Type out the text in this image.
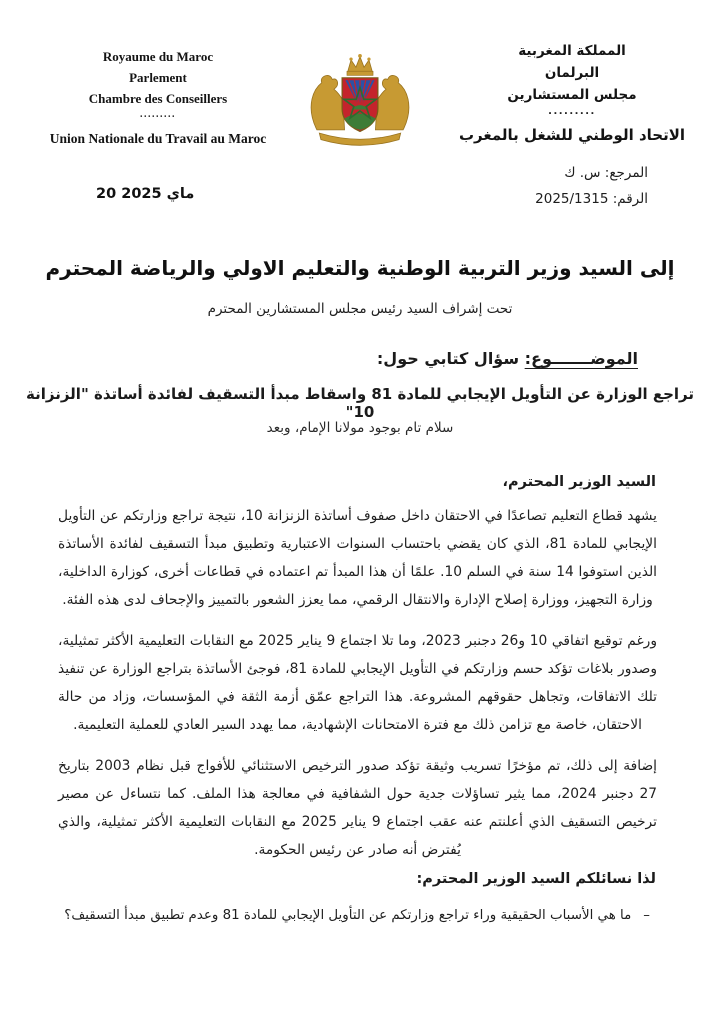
Royaume du Maroc
Parlement
Chambre des Conseillers
.........
Union Nationale du Travail au Maroc
المملكة المغربية
البرلمان
مجلس المستشارين
.........
الاتحاد الوطني للشغل بالمغرب
المرجع: س. ك
الرقم: 2025/1315
20 ماي 2025
إلى السيد وزير التربية الوطنية والتعليم الاولي والرياضة المحترم
تحت إشراف السيد رئيس مجلس المستشارين المحترم
الموضـــــــوع: سؤال كتابي حول:
تراجع الوزارة عن التأويل الإيجابي للمادة 81 واسقاط مبدأ التسقيف لفائدة أساتذة "الزنزانة 10"
سلام تام بوجود مولانا الإمام، وبعد
السيد الوزير المحترم،

يشهد قطاع التعليم تصاعدًا في الاحتقان داخل صفوف أساتذة الزنزانة 10، نتيجة تراجع وزارتكم عن التأويل الإيجابي للمادة 81، الذي كان يقضي باحتساب السنوات الاعتبارية وتطبيق مبدأ التسقيف لفائدة الأساتذة الذين استوفوا 14 سنة في السلم 10. علمًا أن هذا المبدأ تم اعتماده في قطاعات أخرى، كوزارة الداخلية، وزارة التجهيز، ووزارة إصلاح الإدارة والانتقال الرقمي، مما يعزز الشعور بالتمييز والإجحاف لدى هذه الفئة.

ورغم توقيع اتفاقي 10 و26 دجنبر 2023، وما تلا اجتماع 9 يناير 2025 مع النقابات التعليمية الأكثر تمثيلية، وصدور بلاغات تؤكد حسم وزارتكم في التأويل الإيجابي للمادة 81، فوجئ الأساتذة بتراجع الوزارة عن تنفيذ تلك الاتفاقات، وتجاهل حقوقهم المشروعة. هذا التراجع عمّق أزمة الثقة في المؤسسات، وزاد من حالة الاحتقان، خاصة مع تزامن ذلك مع فترة الامتحانات الإشهادية، مما يهدد السير العادي للعملية التعليمية.

إضافة إلى ذلك، تم مؤخرًا تسريب وثيقة تؤكد صدور الترخيص الاستثنائي للأفواج قبل نظام 2003 بتاريخ 27 دجنبر 2024، مما يثير تساؤلات جدية حول الشفافية في معالجة هذا الملف. كما نتساءل عن مصير ترخيص التسقيف الذي أعلنتم عنه عقب اجتماع 9 يناير 2025 مع النقابات التعليمية الأكثر تمثيلية، والذي يُفترض أنه صادر عن رئيس الحكومة.

لذا نسائلكم السيد الوزير المحترم:
–ما هي الأسباب الحقيقية وراء تراجع وزارتكم عن التأويل الإيجابي للمادة 81 وعدم تطبيق مبدأ التسقيف؟
